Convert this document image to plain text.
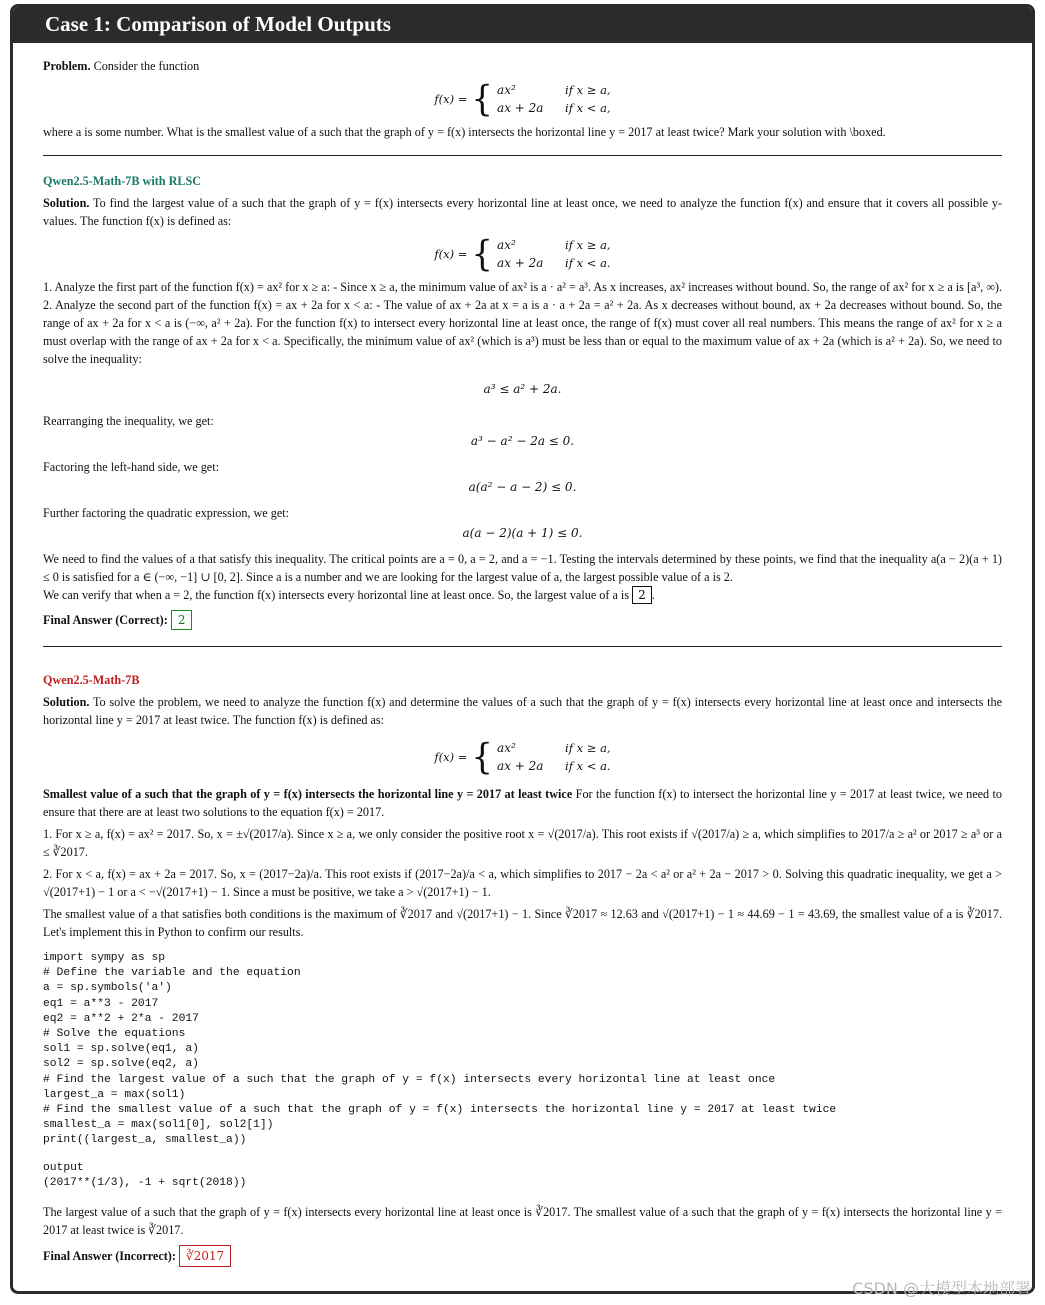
Case 1: Comparison of Model Outputs

Problem. Consider the function

f(x) = { ax²	if x ≥ a,
ax + 2a if x < a,

where a is some number. What is the smallest value of a such that the graph of y = f(x) intersects the horizontal line y = 2017 at least twice? Mark your solution with \boxed.

Qwen2.5-Math-7B with RLSC

Solution. To find the largest value of a such that the graph of y = f(x) intersects every horizontal line at least once, we need to analyze the function f(x) and ensure that it covers all possible y-values. The function f(x) is defined as:

f(x) = { ax²	if x ≥ a,
ax + 2a if x < a.

1. Analyze the first part of the function f(x) = ax² for x ≥ a: - Since x ≥ a, the minimum value of ax² is a · a² = a³. As x increases, ax² increases without bound. So, the range of ax² for x ≥ a is [a³, ∞). 2. Analyze the second part of the function f(x) = ax + 2a for x < a: - The value of ax + 2a at x = a is a · a + 2a = a² + 2a. As x decreases without bound, ax + 2a decreases without bound. So, the range of ax + 2a for x < a is (−∞, a² + 2a). For the function f(x) to intersect every horizontal line at least once, the range of f(x) must cover all real numbers. This means the range of ax² for x ≥ a must overlap with the range of ax + 2a for x < a. Specifically, the minimum value of ax² (which is a³) must be less than or equal to the maximum value of ax + 2a (which is a² + 2a). So, we need to solve the inequality:

a³ ≤ a² + 2a.

Rearranging the inequality, we get:

a³ − a² − 2a ≤ 0.

Factoring the left-hand side, we get:

a(a² − a − 2) ≤ 0.

Further factoring the quadratic expression, we get:

a(a − 2)(a + 1) ≤ 0.

We need to find the values of a that satisfy this inequality. The critical points are a = 0, a = 2, and a = −1. Testing the intervals determined by these points, we find that the inequality a(a − 2)(a + 1) ≤ 0 is satisfied for a ∈ (−∞, −1] ∪ [0, 2]. Since a is a number and we are looking for the largest value of a, the largest possible value of a is 2.

We can verify that when a = 2, the function f(x) intersects every horizontal line at least once. So, the largest value of a is 2 .

Final Answer (Correct): 2

Qwen2.5-Math-7B

Solution. To solve the problem, we need to analyze the function f(x) and determine the values of a such that the graph of y = f(x) intersects every horizontal line at least once and intersects the horizontal line y = 2017 at least twice. The function f(x) is defined as:

f(x) = { ax²	if x ≥ a,
ax + 2a if x < a.

Smallest value of a such that the graph of y = f(x) intersects the horizontal line y = 2017 at least twice For the function f(x) to intersect the horizontal line y = 2017 at least twice, we need to ensure that there are at least two solutions to the equation f(x) = 2017.

1. For x ≥ a, f(x) = ax² = 2017. So, x = ±√(2017/a). Since x ≥ a, we only consider the positive root x = √(2017/a). This root exists if √(2017/a) ≥ a, which simplifies to 2017/a ≥ a² or 2017 ≥ a³ or a ≤ ∛2017.

2. For x < a, f(x) = ax + 2a = 2017. So, x = (2017−2a)/a. This root exists if (2017−2a)/a < a, which simplifies to 2017 − 2a < a² or a² + 2a − 2017 > 0. Solving this quadratic inequality, we get a > √(2017+1) − 1 or a < −√(2017+1) − 1. Since a must be positive, we take a > √(2017+1) − 1.

The smallest value of a that satisfies both conditions is the maximum of ∛2017 and √(2017+1) − 1. Since ∛2017 ≈ 12.63 and √(2017+1) − 1 ≈ 44.69 − 1 = 43.69, the smallest value of a is ∛2017. Let's implement this in Python to confirm our results.

import sympy as sp
# Define the variable and the equation
a = sp.symbols('a')
eq1 = a**3 - 2017
eq2 = a**2 + 2*a - 2017
# Solve the equations
sol1 = sp.solve(eq1, a)
sol2 = sp.solve(eq2, a)
# Find the largest value of a such that the graph of y = f(x) intersects every horizontal line at least once
largest_a = max(sol1)
# Find the smallest value of a such that the graph of y = f(x) intersects the horizontal line y = 2017 at least twice
smallest_a = max(sol1[0], sol2[1])
print((largest_a, smallest_a))
output
(2017**(1/3), -1 + sqrt(2018))

The largest value of a such that the graph of y = f(x) intersects every horizontal line at least once is ∛2017. The smallest value of a such that the graph of y = f(x) intersects the horizontal line y = 2017 at least twice is ∛2017.

Final Answer (Incorrect): ∛2017

CSDN @大模型本地部署
